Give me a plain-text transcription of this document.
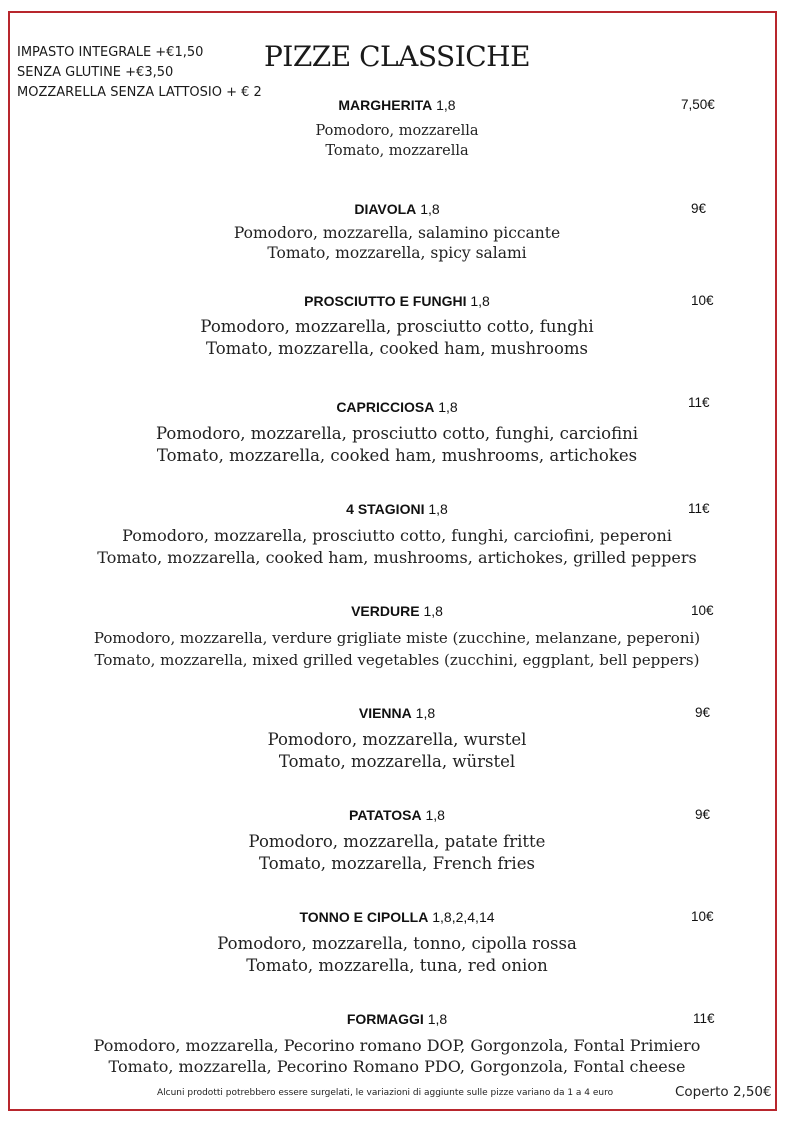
IMPASTO INTEGRALE +€1,50
SENZA GLUTINE +€3,50
MOZZARELLA SENZA LATTOSIO + € 2
PIZZE CLASSICHE
MARGHERITA 1,8	7,50€
Pomodoro, mozzarella
Tomato, mozzarella
DIAVOLA 1,8	9€
Pomodoro, mozzarella, salamino piccante
Tomato, mozzarella, spicy salami
PROSCIUTTO E FUNGHI 1,8	10€
Pomodoro, mozzarella, prosciutto cotto, funghi
Tomato, mozzarella, cooked ham, mushrooms
CAPRICCIOSA 1,8	11€
Pomodoro, mozzarella, prosciutto cotto, funghi, carciofini
Tomato, mozzarella, cooked ham, mushrooms, artichokes
4 STAGIONI 1,8	11€
Pomodoro, mozzarella, prosciutto cotto, funghi, carciofini, peperoni
Tomato, mozzarella, cooked ham, mushrooms, artichokes, grilled peppers
VERDURE 1,8	10€
Pomodoro, mozzarella, verdure grigliate miste (zucchine, melanzane, peperoni)
Tomato, mozzarella, mixed grilled vegetables (zucchini, eggplant, bell peppers)
VIENNA 1,8	9€
Pomodoro, mozzarella, wurstel
Tomato, mozzarella, würstel
PATATOSA 1,8	9€
Pomodoro, mozzarella, patate fritte
Tomato, mozzarella, French fries
TONNO E CIPOLLA 1,8,2,4,14	10€
Pomodoro, mozzarella, tonno, cipolla rossa
Tomato, mozzarella, tuna, red onion
FORMAGGI 1,8	11€
Pomodoro, mozzarella, Pecorino romano DOP, Gorgonzola, Fontal Primiero
Tomato, mozzarella, Pecorino Romano PDO, Gorgonzola, Fontal cheese
Alcuni prodotti potrebbero essere surgelati, le variazioni di aggiunte sulle pizze variano da 1 a 4 euro	Coperto 2,50€
